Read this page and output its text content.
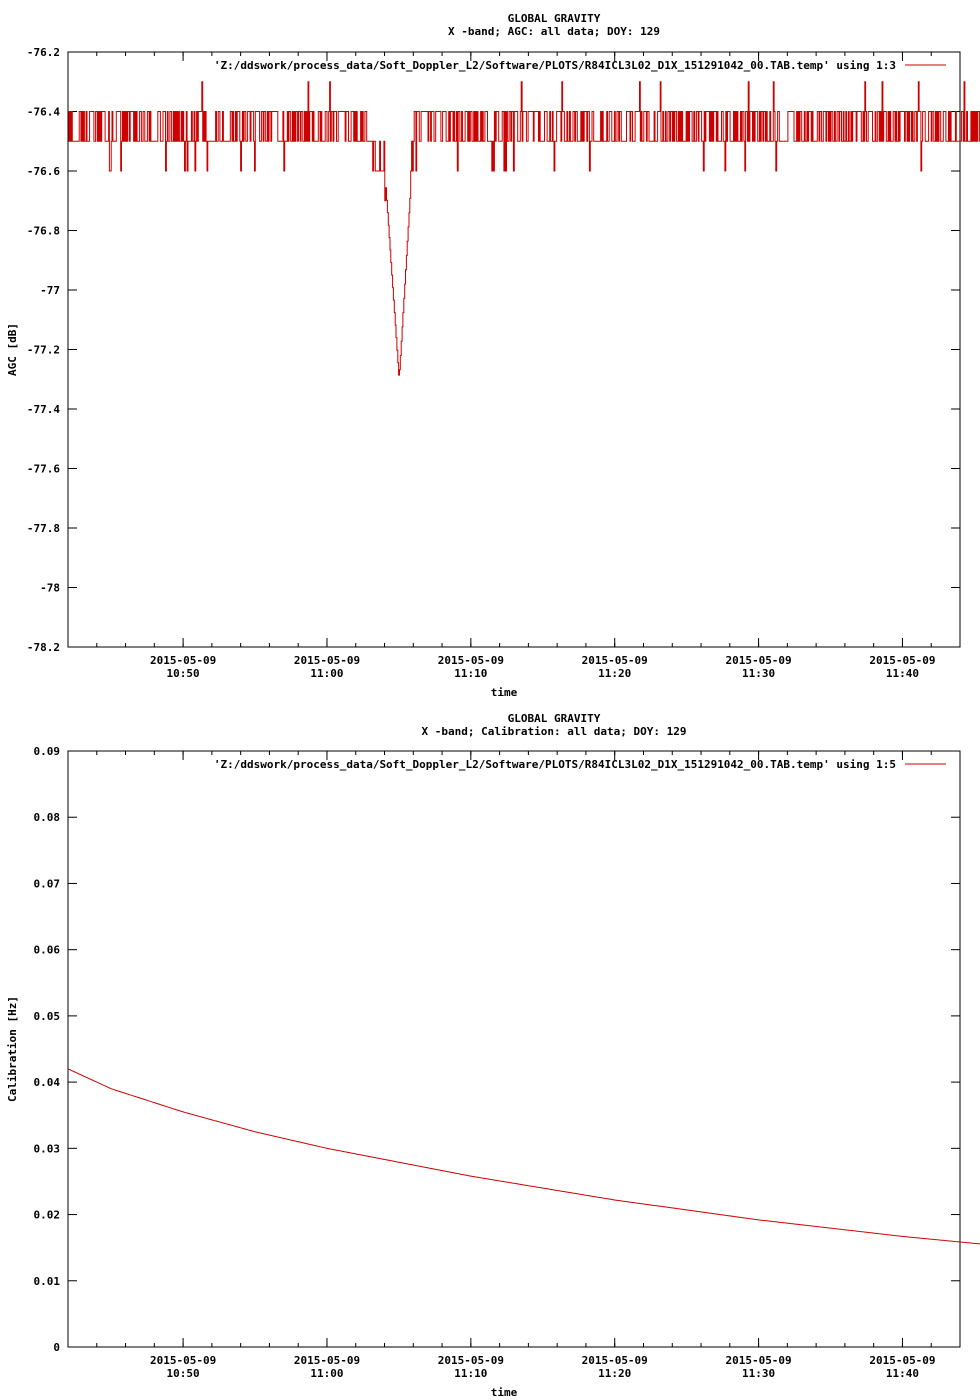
GLOBAL GRAVITY
X -band; AGC: all data; DOY: 129
-76.2
-76.4
-76.6
-76.8
-77
-77.2
-77.4
-77.6
-77.8
-78
-78.2
2015-05-09
10:50
2015-05-09
11:00
2015-05-09
11:10
2015-05-09
11:20
2015-05-09
11:30
2015-05-09
11:40
time
AGC [dB]
'Z:/ddswork/process_data/Soft_Doppler_L2/Software/PLOTS/R84ICL3L02_D1X_151291042_00.TAB.temp' using 1:3
GLOBAL GRAVITY
X -band; Calibration: all data; DOY: 129
0
0.01
0.02
0.03
0.04
0.05
0.06
0.07
0.08
0.09
2015-05-09
10:50
2015-05-09
11:00
2015-05-09
11:10
2015-05-09
11:20
2015-05-09
11:30
2015-05-09
11:40
time
Calibration [Hz]
'Z:/ddswork/process_data/Soft_Doppler_L2/Software/PLOTS/R84ICL3L02_D1X_151291042_00.TAB.temp' using 1:5
